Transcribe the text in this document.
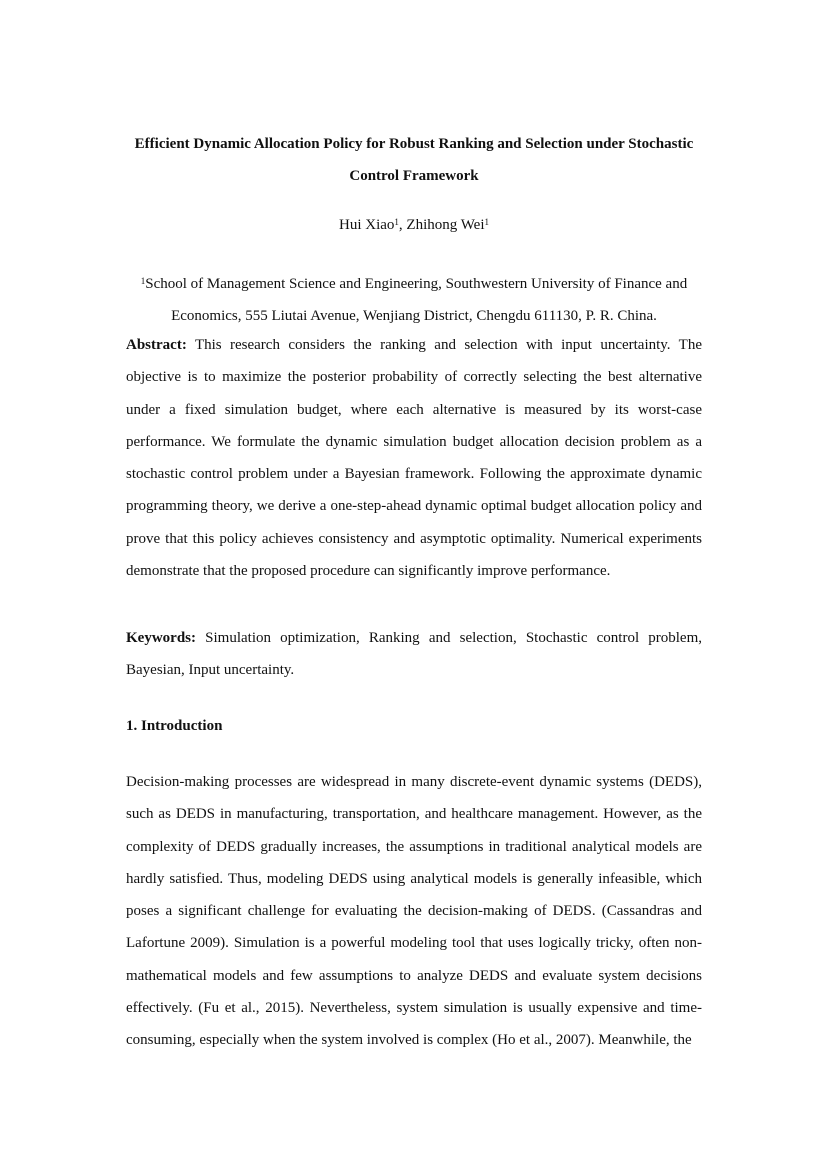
Efficient Dynamic Allocation Policy for Robust Ranking and Selection under Stochastic Control Framework
Hui Xiao$^1$, Zhihong Wei$^1$
$^1$School of Management Science and Engineering, Southwestern University of Finance and Economics, 555 Liutai Avenue, Wenjiang District, Chengdu 611130, P. R. China.
Abstract: This research considers the ranking and selection with input uncertainty. The objective is to maximize the posterior probability of correctly selecting the best alternative under a fixed simulation budget, where each alternative is measured by its worst-case performance. We formulate the dynamic simulation budget allocation decision problem as a stochastic control problem under a Bayesian framework. Following the approximate dynamic programming theory, we derive a one-step-ahead dynamic optimal budget allocation policy and prove that this policy achieves consistency and asymptotic optimality. Numerical experiments demonstrate that the proposed procedure can significantly improve performance.
Keywords: Simulation optimization, Ranking and selection, Stochastic control problem, Bayesian, Input uncertainty.
1. Introduction
Decision-making processes are widespread in many discrete-event dynamic systems (DEDS), such as DEDS in manufacturing, transportation, and healthcare management. However, as the complexity of DEDS gradually increases, the assumptions in traditional analytical models are hardly satisfied. Thus, modeling DEDS using analytical models is generally infeasible, which poses a significant challenge for evaluating the decision-making of DEDS. (Cassandras and Lafortune 2009). Simulation is a powerful modeling tool that uses logically tricky, often non-mathematical models and few assumptions to analyze DEDS and evaluate system decisions effectively. (Fu et al., 2015). Nevertheless, system simulation is usually expensive and time-consuming, especially when the system involved is complex (Ho et al., 2007). Meanwhile, the
